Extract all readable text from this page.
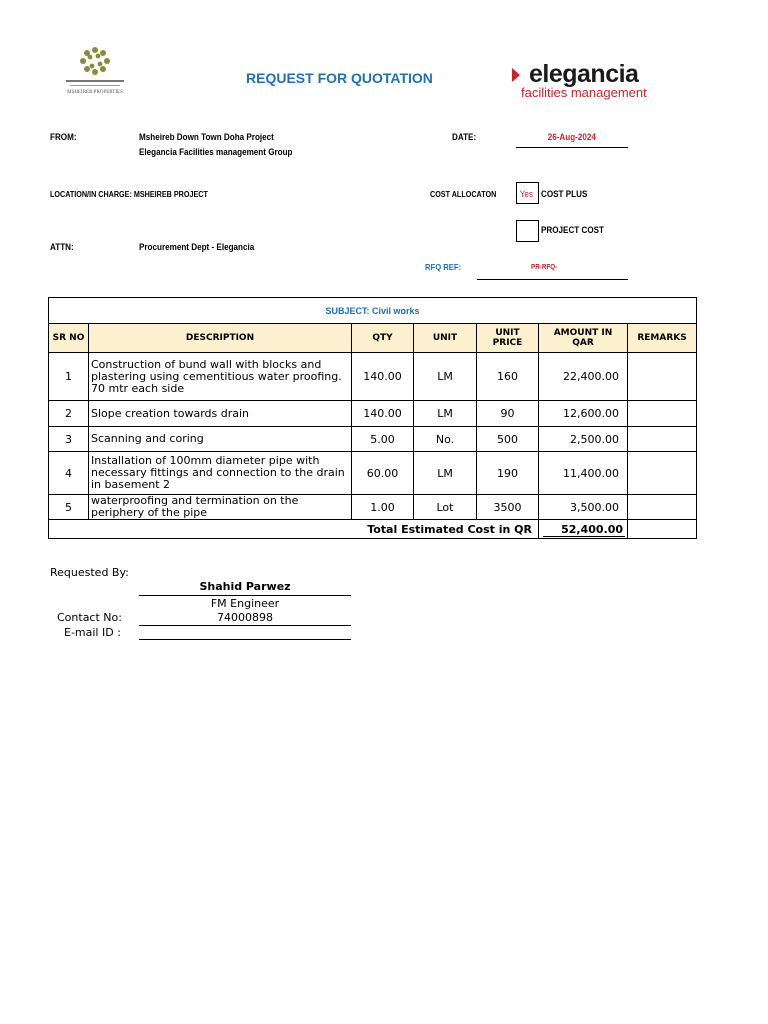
MSHEIREB PROPERTIES
REQUEST FOR QUOTATION	elegancia
facilities management
FROM:	Msheireb Down Town Doha Project
Elegancia Facilities management Group
DATE:	26-Aug-2024
LOCATION/IN CHARGE: MSHEIREB PROJECT	COST ALLOCATON	Yes COST PLUS
PROJECT COST
ATTN:	Procurement Dept - Elegancia
RFQ REF:	PR-RFQ-
SUBJECT: Civil works						
SR NO	DESCRIPTION	QTY	UNIT	UNIT PRICE	AMOUNT IN QAR	REMARKS
1	Construction of bund wall with blocks and plastering using cementitious water proofing. 70 mtr each side	140.00	LM	160	22,400.00	
2	Slope creation towards drain	140.00	LM	90	12,600.00	
3	Scanning and coring	5.00	No.	500	2,500.00	
4	Installation of 100mm diameter pipe with necessary fittings and connection to the drain in basement 2	60.00	LM	190	11,400.00	
5	waterproofing and termination on the periphery of the pipe	1.00	Lot	3500	3,500.00	
Total Estimated Cost in QR					52,400.00	
Requested By:
Shahid Parwez
FM Engineer
Contact No:	74000898
E-mail ID :
